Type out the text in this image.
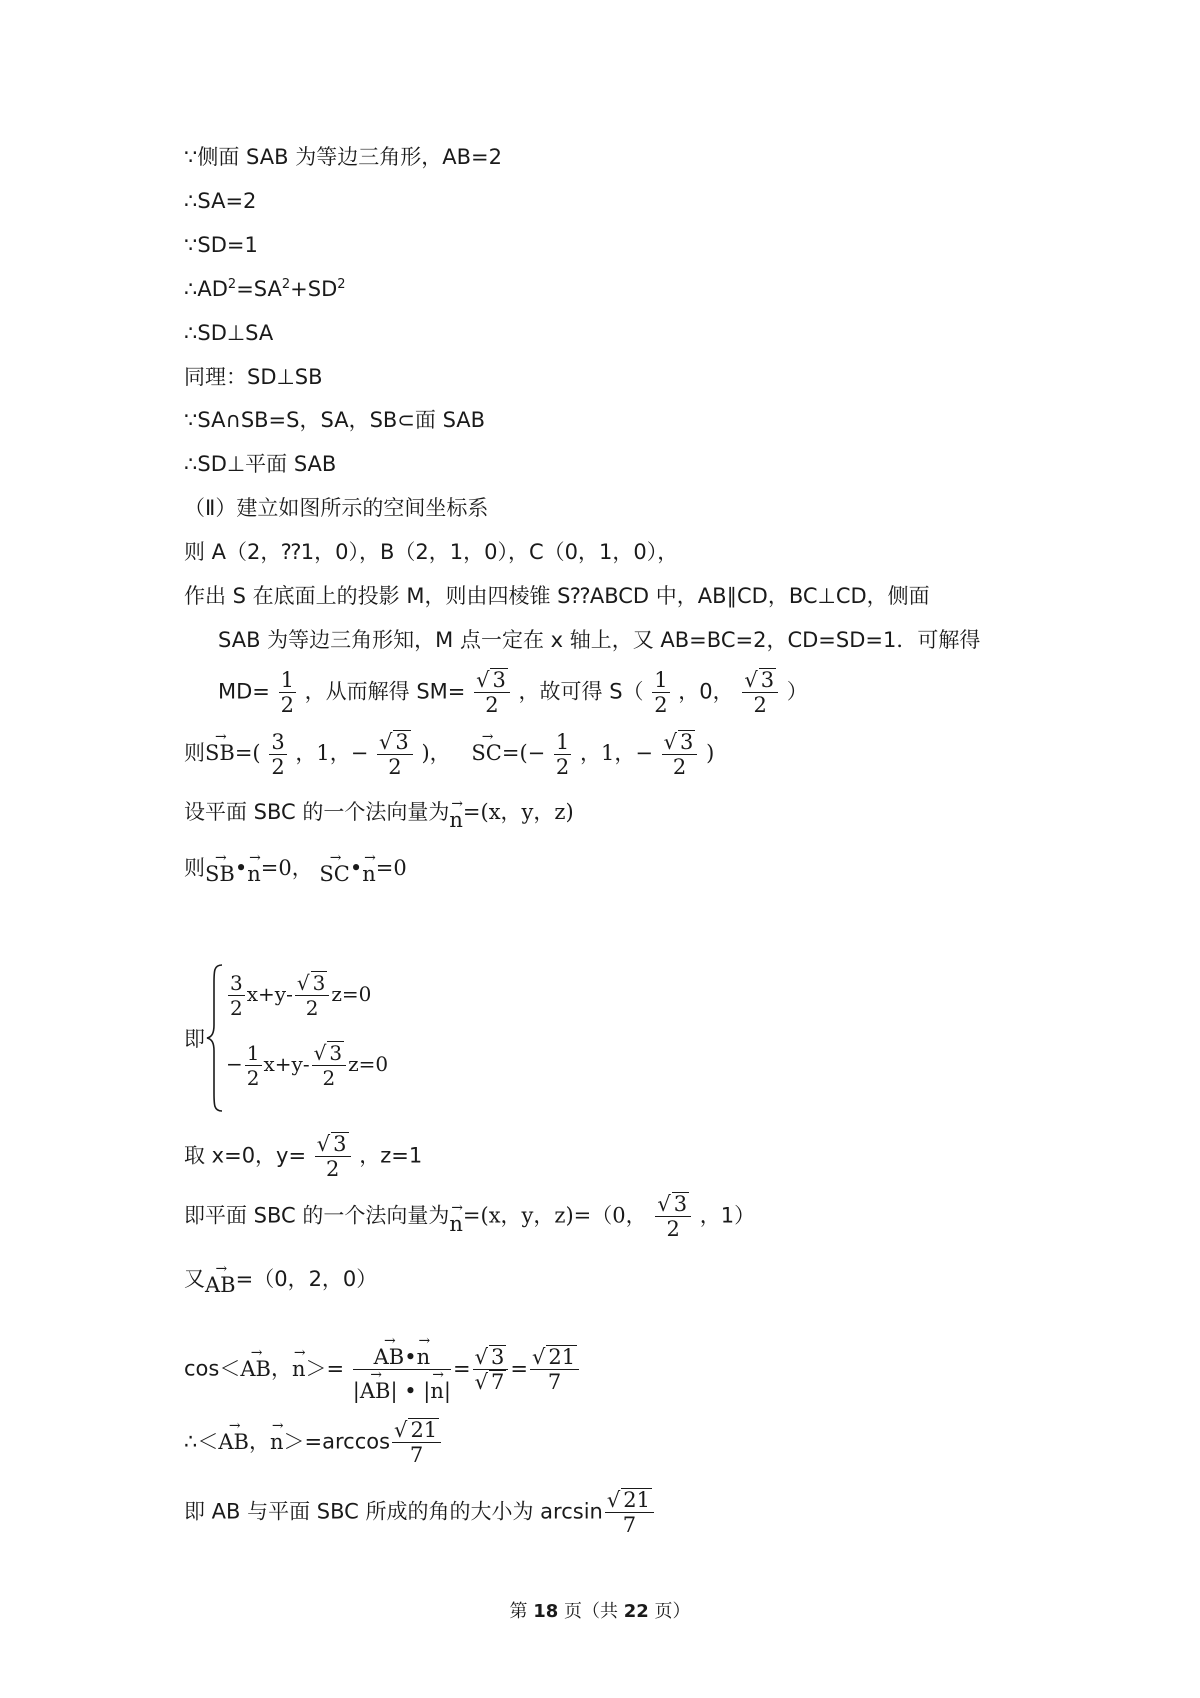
∵侧面 SAB 为等边三角形，AB=2
∴SA=2
∵SD=1
$\therefore AD^2=SA^2+SD^2$
∴SD⊥SA
同理：SD⊥SB
∵SA∩SB=S，SA，SB⊂面 SAB
∴SD⊥平面 SAB
（Ⅱ）建立如图所示的空间坐标系
则 A（2，⁇1，0），B（2，1，0），C（0，1，0），
作出 S 在底面上的投影 M，则由四棱锥 S⁇ABCD 中，AB∥CD，BC⊥CD，侧面
SAB 为等边三角形知，M 点一定在 x 轴上，又 AB=BC=2，CD=SD=1．可解得
$MD= \frac{1}{2}$ ，从而解得 $SM= \frac{√ 3}{2}$ ，故可得 $S( \frac{1}{2}$ ，0， $\frac{√ 3}{2}$ ）
则
→ SB =( $\frac{3}{2}$ ，1，− $\frac{√ 3}{2}$ )，
→ SC =(− $\frac{1}{2}$ ，1，− $\frac{√ 3}{2}$ )
设平面 SBC 的一个法向量为
→ n =(x，y，z)
则
→ SB •
→ n =0，
→ SC •
→ n =0
即
$\frac{3}{2} x+y- \frac{√ 3}{2} z=0$
− $\frac{1}{2} x+y- \frac{√ 3}{2} z=0$
取 x=0，$y= \frac{√ 3}{2}$ ，z=1
即平面 SBC 的一个法向量为
→ n =(x，y，z)=（0， $\frac{√ 3}{2}$ ，1）
又
→ AB =（0，2，0）
cos＜
→ AB ，
→ n ＞=
→ AB •
→ n
|
→ AB | • |
→ n | = $\frac{√ 3}{√ 7} = \frac{√ 21}{7}$
∴＜
→ AB ，
→ $n >=\arccos \frac{√ 21}{7}$
即 AB 与平面 SBC 所成的角的大小为 $\arcsin \frac{√ 21}{7}$
第 18 页（共 22 页）
